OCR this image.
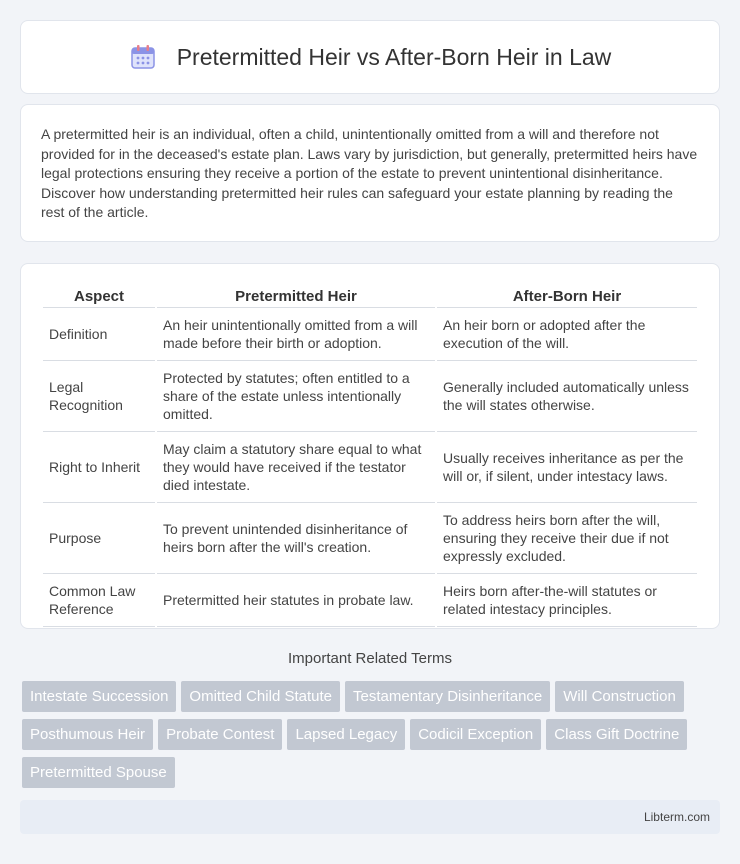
Pretermitted Heir vs After-Born Heir in Law

A pretermitted heir is an individual, often a child, unintentionally omitted from a will and therefore not provided for in the deceased's estate plan. Laws vary by jurisdiction, but generally, pretermitted heirs have legal protections ensuring they receive a portion of the estate to prevent unintentional disinheritance. Discover how understanding pretermitted heir rules can safeguard your estate planning by reading the rest of the article.

Aspect	Pretermitted Heir	After-Born Heir
Definition	An heir unintentionally omitted from a will made before their birth or adoption.	An heir born or adopted after the execution of the will.
Legal Recognition	Protected by statutes; often entitled to a share of the estate unless intentionally omitted.	Generally included automatically unless the will states otherwise.
Right to Inherit	May claim a statutory share equal to what they would have received if the testator died intestate.	Usually receives inheritance as per the will or, if silent, under intestacy laws.
Purpose	To prevent unintended disinheritance of heirs born after the will's creation.	To address heirs born after the will, ensuring they receive their due if not expressly excluded.
Common Law Reference	Pretermitted heir statutes in probate law.	Heirs born after-the-will statutes or related intestacy principles.
Important Related Terms
Intestate Succession	Omitted Child Statute	Testamentary Disinheritance	Will Construction
Posthumous Heir	Probate Contest	Lapsed Legacy	Codicil Exception	Class Gift Doctrine
Pretermitted Spouse
Libterm.com
